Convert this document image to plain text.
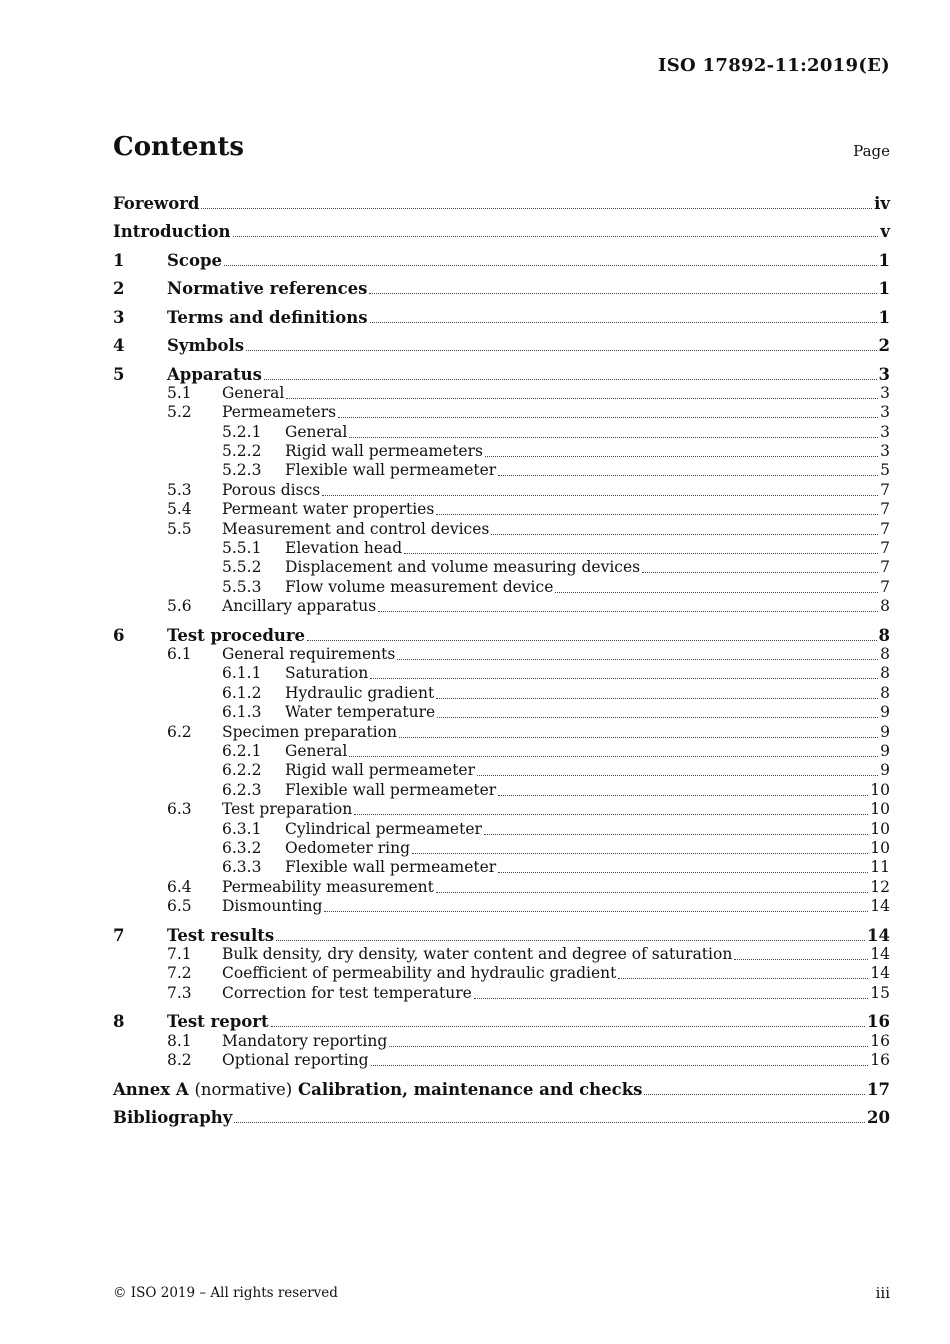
ISO 17892-11:2019(E)
Contents	Page
Foreword	iv
Introduction	v
1	Scope	1
2	Normative references	1
3	Terms and definitions	1
4	Symbols	2
5	Apparatus	3
5.1	General	3
5.2	Permeameters	3
5.2.1	General	3
5.2.2	Rigid wall permeameters	3
5.2.3	Flexible wall permeameter	5
5.3	Porous discs	7
5.4	Permeant water properties	7
5.5	Measurement and control devices	7
5.5.1	Elevation head	7
5.5.2	Displacement and volume measuring devices	7
5.5.3	Flow volume measurement device	7
5.6	Ancillary apparatus	8
6	Test procedure	8
6.1	General requirements	8
6.1.1	Saturation	8
6.1.2	Hydraulic gradient	8
6.1.3	Water temperature	9
6.2	Specimen preparation	9
6.2.1	General	9
6.2.2	Rigid wall permeameter	9
6.2.3	Flexible wall permeameter	10
6.3	Test preparation	10
6.3.1	Cylindrical permeameter	10
6.3.2	Oedometer ring	10
6.3.3	Flexible wall permeameter	11
6.4	Permeability measurement	12
6.5	Dismounting	14
7	Test results	14
7.1	Bulk density, dry density, water content and degree of saturation	14
7.2	Coefficient of permeability and hydraulic gradient	14
7.3	Correction for test temperature	15
8	Test report	16
8.1	Mandatory reporting	16
8.2	Optional reporting	16
Annex A (normative) Calibration, maintenance and checks	17
Bibliography	20
© ISO 2019 – All rights reserved	iii
